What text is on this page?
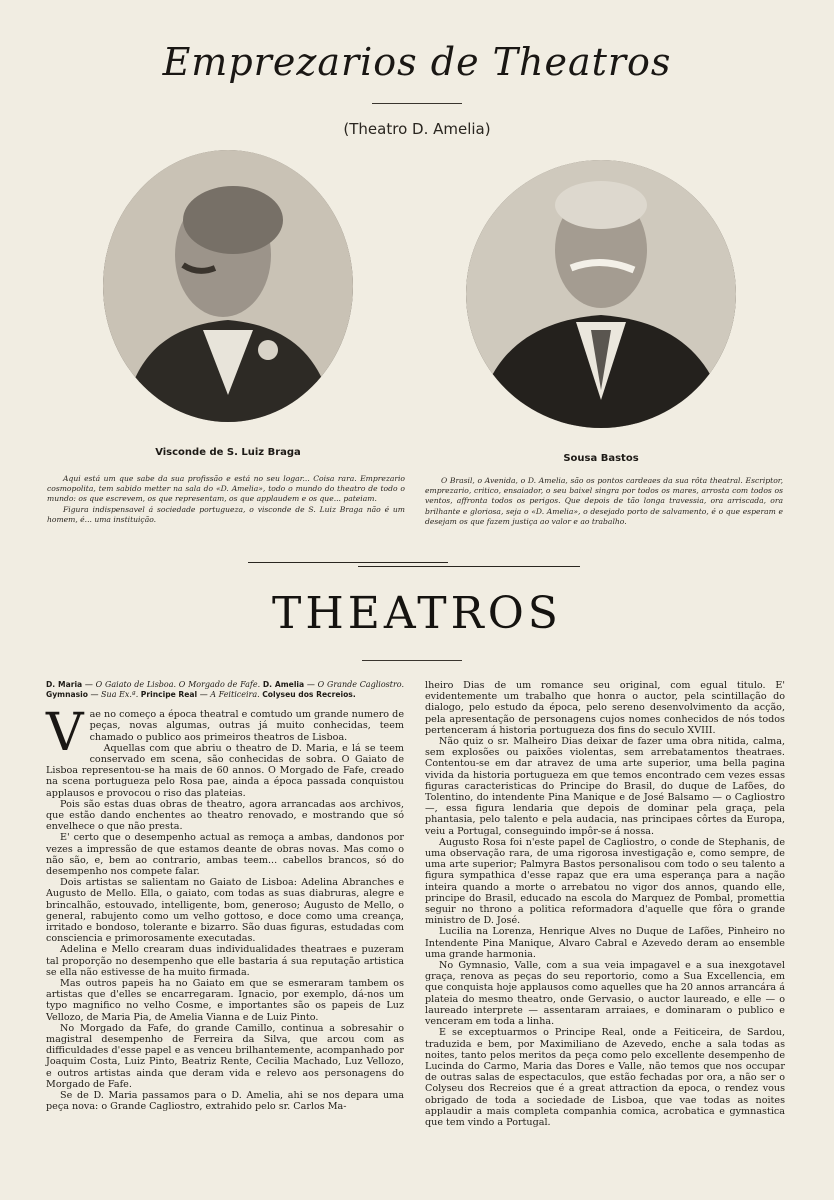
Emprezarios de Theatros
(Theatro D. Amelia)
Visconde de S. Luiz Braga

Aqui está um que sabe da sua profissão e está no seu logar... Coisa rara. Emprezario cosmopolita, tem sabido metter na sala do «D. Amelia», todo o mundo do theatro de todo o mundo: os que escrevem, os que representam, os que applaudem e os que... pateiam.

Figura indispensavel á sociedade portugueza, o visconde de S. Luiz Braga não é um homem, é... uma instituição.

Sousa Bastos

O Brasil, o Avenida, o D. Amelia, são os pontos cardeaes da sua rôta theatral. Escriptor, emprezario, critico, ensaiador, o seu baixel singra por todos os mares, arrosta com todos os ventos, affronta todos os perigos. Que depois de tão longa travessia, ora arriscada, ora brilhante e gloriosa, seja o «D. Amelia», o desejado porto de salvamento, é o que esperam e desejam os que fazem justiça ao valor e ao trabalho.

THEATROS

D. Maria — O Gaiato de Lisboa. O Morgado de Fafe. D. Amelia — O Grande Cagliostro. Gymnasio — Sua Ex.ª. Principe Real — A Feiticeira. Colyseu dos Recreios.

Vae no começo a época theatral e comtudo um grande numero de peças, novas algumas, outras já muito conhecidas, teem chamado o publico aos primeiros theatros de Lisboa.

Aquellas com que abriu o theatro de D. Maria, e lá se teem conservado em scena, são conhecidas de sobra. O Gaiato de Lisboa representou-se ha mais de 60 annos. O Morgado de Fafe, creado na scena portugueza pelo Rosa pae, ainda a época passada conquistou applausos e provocou o riso das plateias.

Pois são estas duas obras de theatro, agora arrancadas aos archivos, que estão dando enchentes ao theatro renovado, e mostrando que só envelhece o que não presta.

E' certo que o desempenho actual as remoça a ambas, dandonos por vezes a impressão de que estamos deante de obras novas. Mas como o não são, e, bem ao contrario, ambas teem... cabellos brancos, só do desempenho nos compete falar.

Dois artistas se salientam no Gaiato de Lisboa: Adelina Abranches e Augusto de Mello. Ella, o gaiato, com todas as suas diabruras, alegre e brincalhão, estouvado, intelligente, bom, generoso; Augusto de Mello, o general, rabujento como um velho gottoso, e doce como uma creança, irritado e bondoso, tolerante e bizarro. São duas figuras, estudadas com consciencia e primorosamente executadas.

Adelina e Mello crearam duas individualidades theatraes e puzeram tal proporção no desempenho que elle bastaria á sua reputação artistica se ella não estivesse de ha muito firmada.

Mas outros papeis ha no Gaiato em que se esmeraram tambem os artistas que d'elles se encarregaram. Ignacio, por exemplo, dá-nos um typo magnifico no velho Cosme, e importantes são os papeis de Luz Vellozo, de Maria Pia, de Amelia Vianna e de Luiz Pinto.

No Morgado da Fafe, do grande Camillo, continua a sobresahir o magistral desempenho de Ferreira da Silva, que arcou com as difficuldades d'esse papel e as venceu brilhantemente, acompanhado por Joaquim Costa, Luiz Pinto, Beatriz Rente, Cecilia Machado, Luz Vellozo, e outros artistas ainda que deram vida e relevo aos personagens do Morgado de Fafe.

Se de D. Maria passamos para o D. Amelia, ahi se nos depara uma peça nova: o Grande Cagliostro, extrahido pelo sr. Carlos Ma-

lheiro Dias de um romance seu original, com egual titulo. E' evidentemente um trabalho que honra o auctor, pela scintillação do dialogo, pelo estudo da época, pelo sereno desenvolvimento da acção, pela apresentação de personagens cujos nomes conhecidos de nós todos pertenceram á historia portugueza dos fins do seculo XVIII.

Não quiz o sr. Malheiro Dias deixar de fazer uma obra nitida, calma, sem explosões ou paixões violentas, sem arrebatamentos theatraes. Contentou-se em dar atravez de uma arte superior, uma bella pagina vivida da historia portugueza em que temos encontrado cem vezes essas figuras caracteristicas do Principe do Brasil, do duque de Lafões, do Tolentino, do intendente Pina Manique e de José Balsamo — o Cagliostro —, essa figura lendaria que depois de dominar pela graça, pela phantasia, pelo talento e pela audacia, nas principaes côrtes da Europa, veiu a Portugal, conseguindo impôr-se á nossa.

Augusto Rosa foi n'este papel de Cagliostro, o conde de Stephanis, de uma observação rara, de uma rigorosa investigação e, como sempre, de uma arte superior; Palmyra Bastos personalisou com todo o seu talento a figura sympathica d'esse rapaz que era uma esperança para a nação inteira quando a morte o arrebatou no vigor dos annos, quando elle, principe do Brasil, educado na escola do Marquez de Pombal, promettia seguir no throno a politica reformadora d'aquelle que fôra o grande ministro de D. José.

Lucilia na Lorenza, Henrique Alves no Duque de Lafões, Pinheiro no Intendente Pina Manique, Alvaro Cabral e Azevedo deram ao ensemble uma grande harmonia.

No Gymnasio, Valle, com a sua veia impagavel e a sua inexgotavel graça, renova as peças do seu reportorio, como a Sua Excellencia, em que conquista hoje applausos como aquelles que ha 20 annos arrancára á plateia do mesmo theatro, onde Gervasio, o auctor laureado, e elle — o laureado interprete — assentaram arraiaes, e dominaram o publico e venceram em toda a linha.

E se exceptuarmos o Principe Real, onde a Feiticeira, de Sardou, traduzida e bem, por Maximiliano de Azevedo, enche a sala todas as noites, tanto pelos meritos da peça como pelo excellente desempenho de Lucinda do Carmo, Maria das Dores e Valle, não temos que nos occupar de outras salas de espectaculos, que estão fechadas por ora, a não ser o Colyseu dos Recreios que é a great attraction da epoca, o rendez vous obrigado de toda a sociedade de Lisboa, que vae todas as noites applaudir a mais completa companhia comica, acrobatica e gymnastica que tem vindo a Portugal.
